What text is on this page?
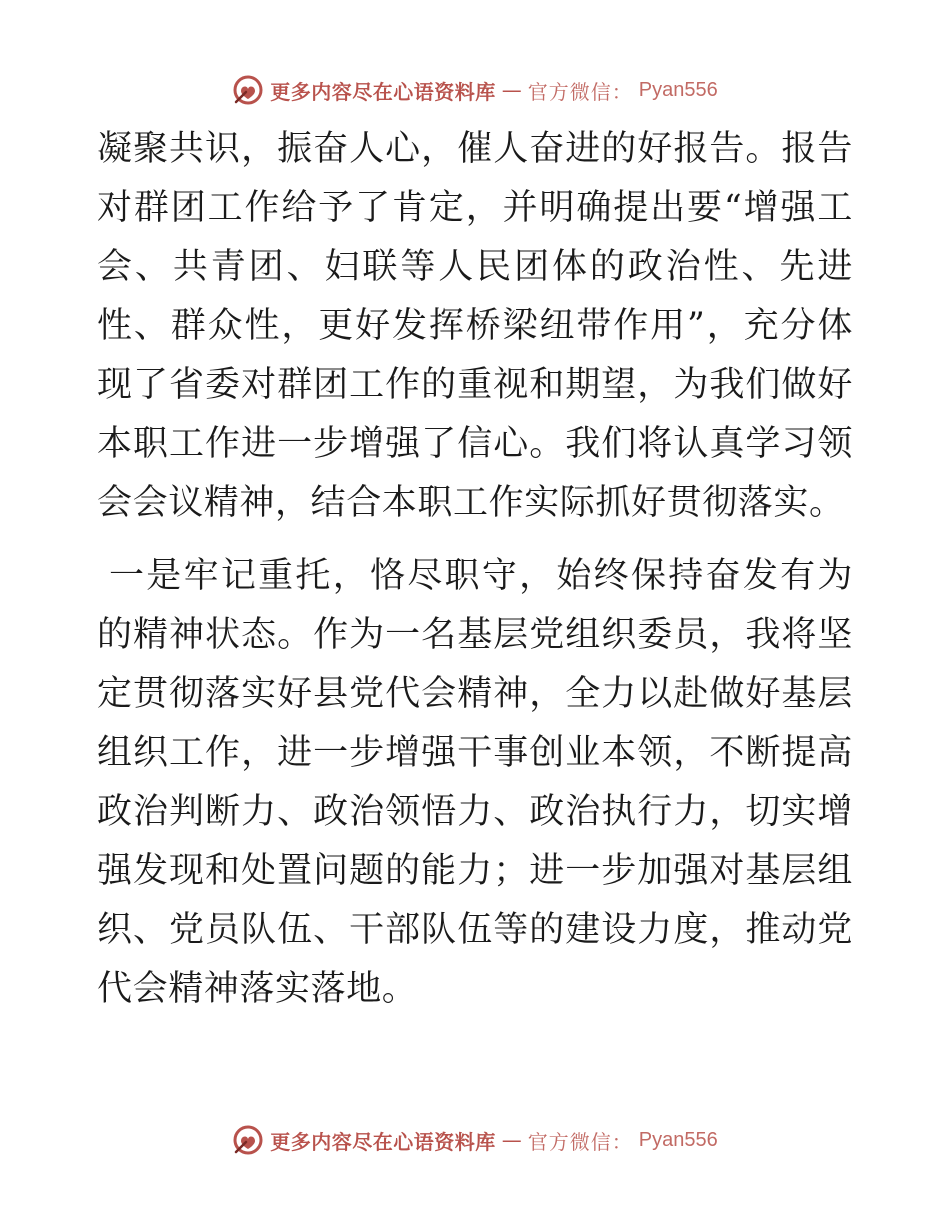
更多内容尽在心语资料库 — 官方微信： Pyan556

凝聚共识，振奋人心，催人奋进的好报告。报告对群团工作给予了肯定，并明确提出要“增强工会、共青团、妇联等人民团体的政治性、先进性、群众性，更好发挥桥梁纽带作用”，充分体现了省委对群团工作的重视和期望，为我们做好本职工作进一步增强了信心。我们将认真学习领会会议精神，结合本职工作实际抓好贯彻落实。

一是牢记重托，恪尽职守，始终保持奋发有为的精神状态。作为一名基层党组织委员，我将坚定贯彻落实好县党代会精神，全力以赴做好基层组织工作，进一步增强干事创业本领，不断提高政治判断力、政治领悟力、政治执行力，切实增强发现和处置问题的能力；进一步加强对基层组织、党员队伍、干部队伍等的建设力度，推动党代会精神落实落地。

更多内容尽在心语资料库 — 官方微信： Pyan556
